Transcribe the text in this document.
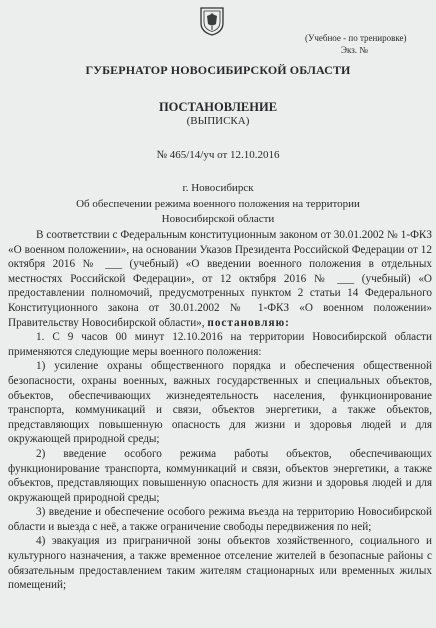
(Учебное - по тренировке)
Экз. №
ГУБЕРНАТОР НОВОСИБИРСКОЙ ОБЛАСТИ
ПОСТАНОВЛЕНИЕ
(ВЫПИСКА)
№ 465/14/уч от 12.10.2016
г. Новосибирск
Об обеспечении режима военного положения на территории
Новосибирской области

В соответствии с Федеральным конституционным законом от 30.01.2002 № 1-ФКЗ «О военном положении», на основании Указов Президента Российской Федерации от 12 октября 2016 № ___ (учебный) «О введении военного положения в отдельных местностях Российской Федерации», от 12 октября 2016 № ___ (учебный) «О предоставлении полномочий, предусмотренных пунктом 2 статьи 14 Федерального Конституционного закона от 30.01.2002 № 1-ФКЗ «О военном положении» Правительству Новосибирской области», постановляю:

1. С 9 часов 00 минут 12.10.2016 на территории Новосибирской области применяются следующие меры военного положения:

1) усиление охраны общественного порядка и обеспечения общественной безопасности, охраны военных, важных государственных и специальных объектов, объектов, обеспечивающих жизнедеятельность населения, функционирование транспорта, коммуникаций и связи, объектов энергетики, а также объектов, представляющих повышенную опасность для жизни и здоровья людей и для окружающей природной среды;

2) введение особого режима работы объектов, обеспечивающих функционирование транспорта, коммуникаций и связи, объектов энергетики, а также объектов, представляющих повышенную опасность для жизни и здоровья людей и для окружающей природной среды;

3) введение и обеспечение особого режима въезда на территорию Новосибирской области и выезда с неё, а также ограничение свободы передвижения по ней;

4) эвакуация из приграничной зоны объектов хозяйственного, социального и культурного назначения, а также временное отселение жителей в безопасные районы с обязательным предоставлением таким жителям стационарных или временных жилых помещений;
